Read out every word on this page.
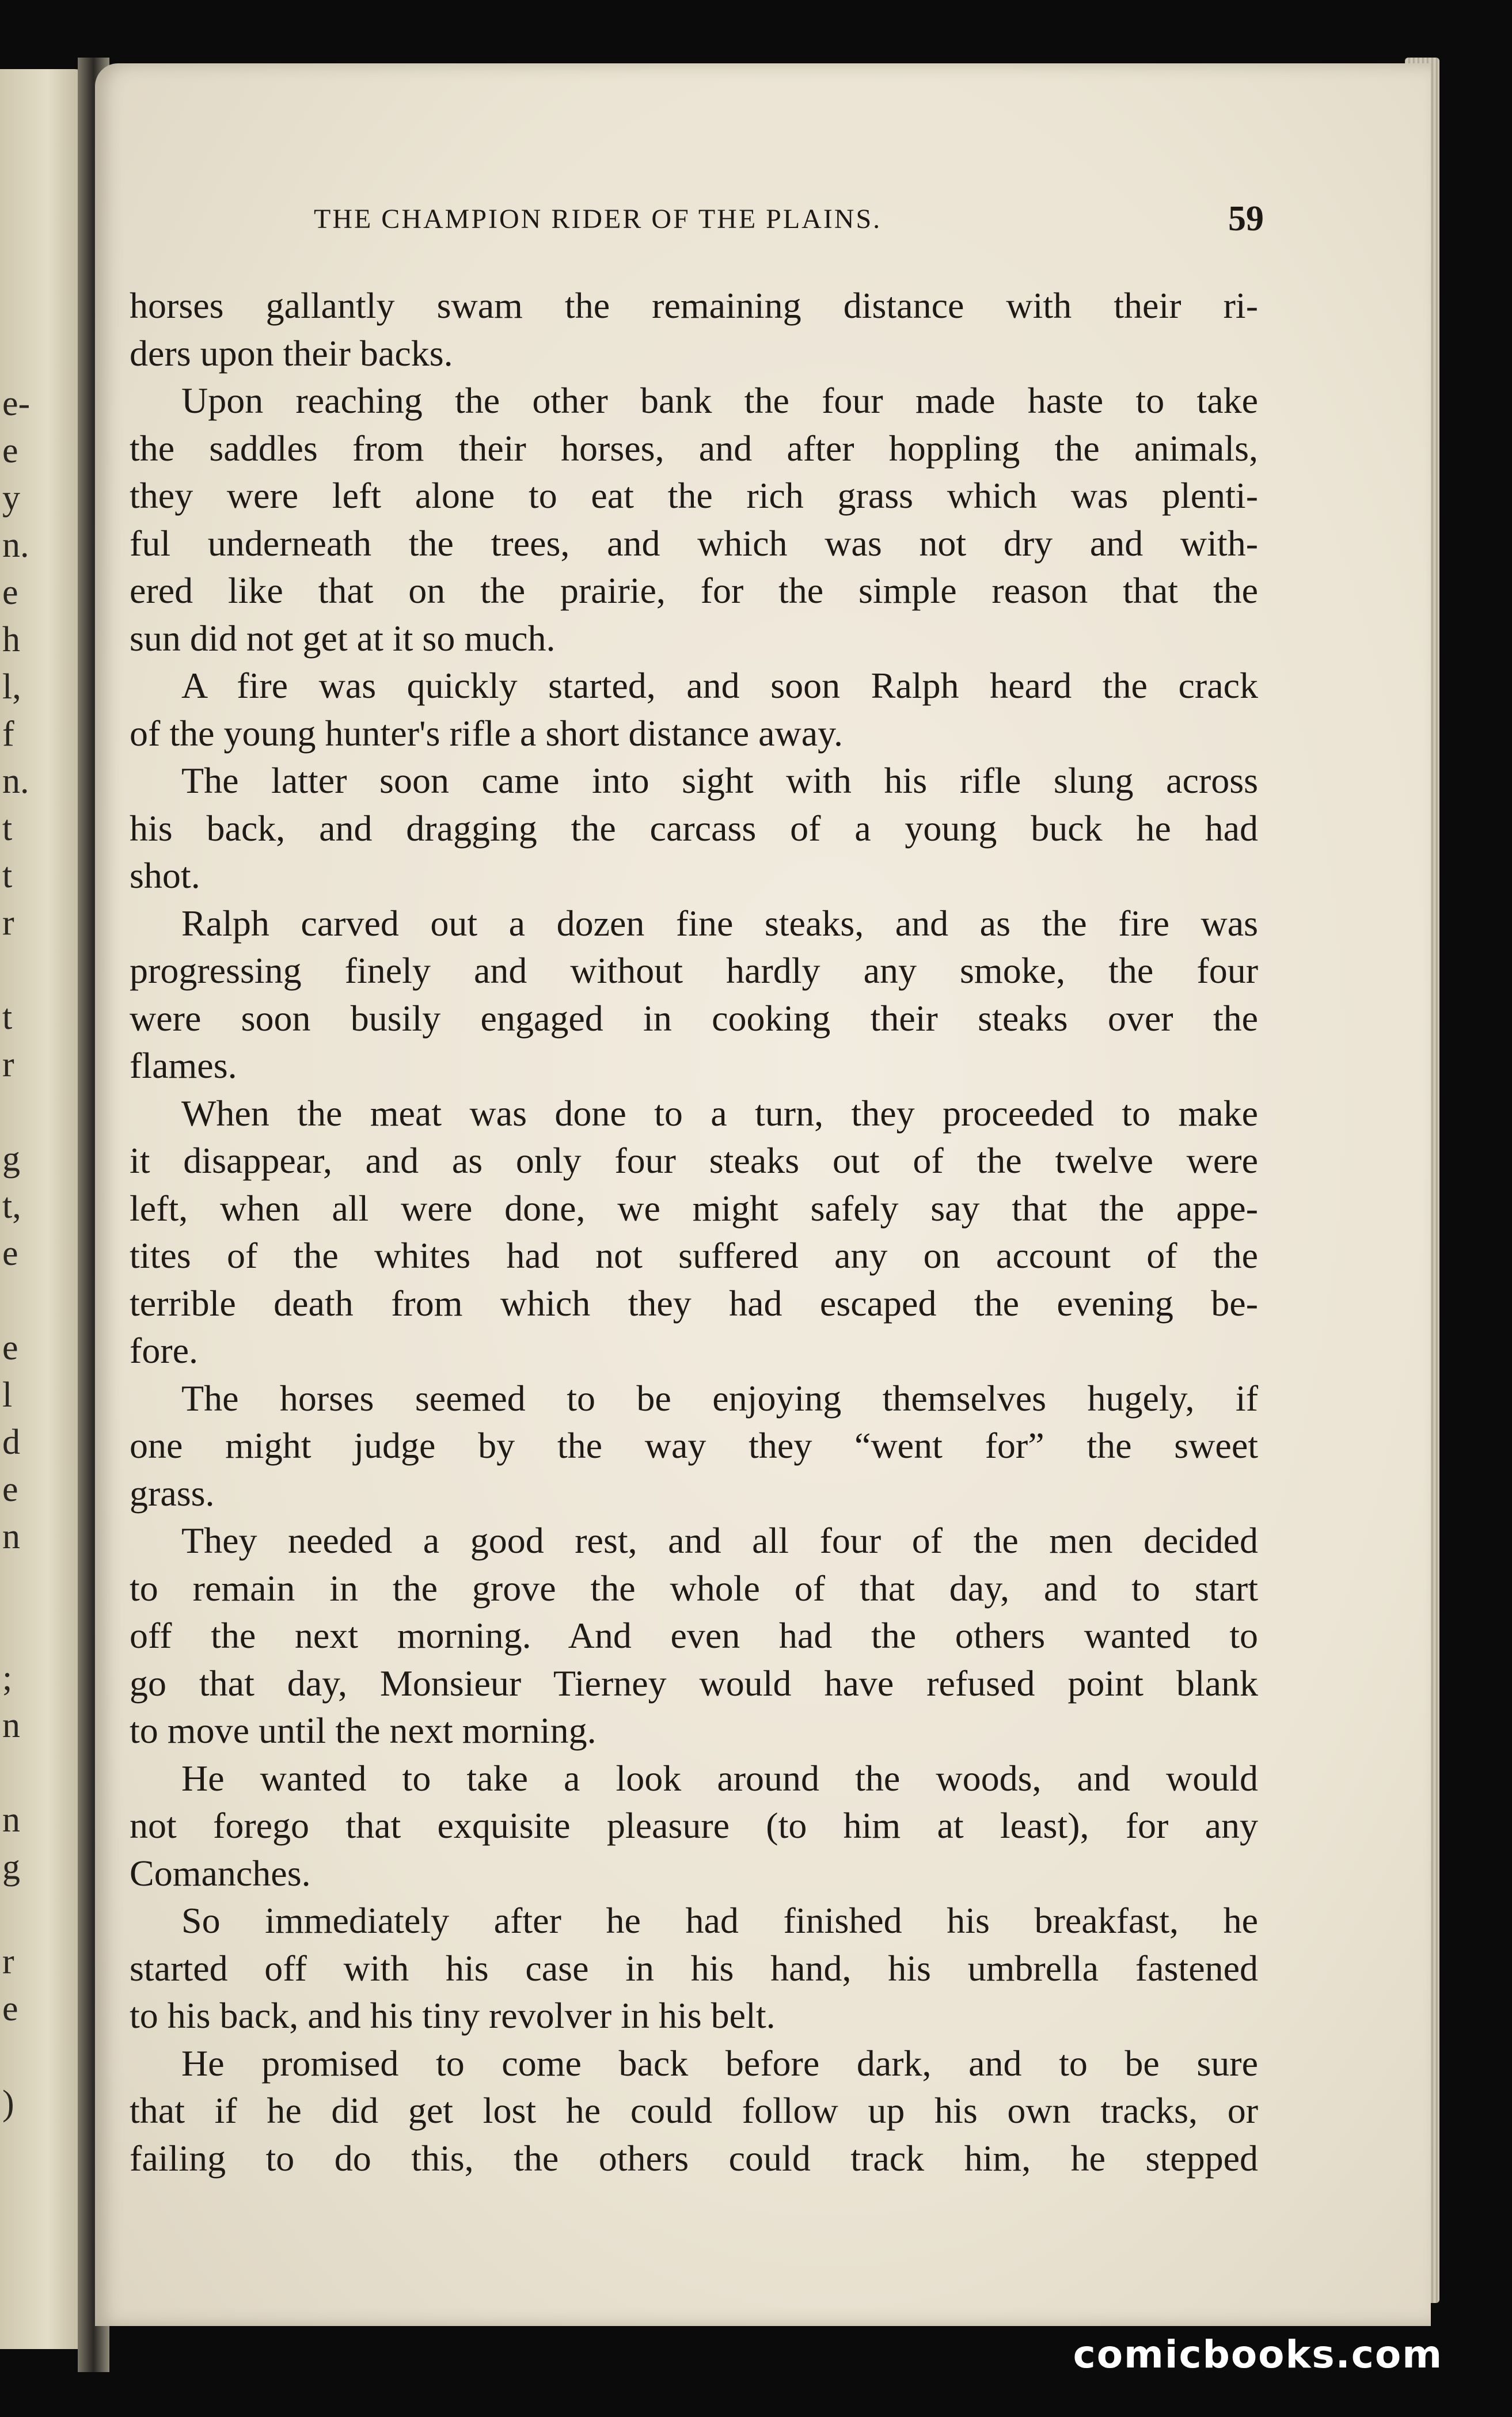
e-
e
y
n.
e
h
l,
f
n.
t
t
r
t
r
g
t,
e
e
l
d
e
n
;
n
n
g
r
e
)
THE CHAMPION RIDER OF THE PLAINS.	59
horses gallantly swam the remaining distance with their ri-
ders upon their backs.
Upon reaching the other bank the four made haste to take
the saddles from their horses, and after hoppling the animals,
they were left alone to eat the rich grass which was plenti-
ful underneath the trees, and which was not dry and with-
ered like that on the prairie, for the simple reason that the
sun did not get at it so much.
A fire was quickly started, and soon Ralph heard the crack
of the young hunter's rifle a short distance away.
The latter soon came into sight with his rifle slung across
his back, and dragging the carcass of a young buck he had
shot.
Ralph carved out a dozen fine steaks, and as the fire was
progressing finely and without hardly any smoke, the four
were soon busily engaged in cooking their steaks over the
flames.
When the meat was done to a turn, they proceeded to make
it disappear, and as only four steaks out of the twelve were
left, when all were done, we might safely say that the appe-
tites of the whites had not suffered any on account of the
terrible death from which they had escaped the evening be-
fore.
The horses seemed to be enjoying themselves hugely, if
one might judge by the way they “went for” the sweet
grass.
They needed a good rest, and all four of the men decided
to remain in the grove the whole of that day, and to start
off the next morning. And even had the others wanted to
go that day, Monsieur Tierney would have refused point blank
to move until the next morning.
He wanted to take a look around the woods, and would
not forego that exquisite pleasure (to him at least), for any
Comanches.
So immediately after he had finished his breakfast, he
started off with his case in his hand, his umbrella fastened
to his back, and his tiny revolver in his belt.
He promised to come back before dark, and to be sure
that if he did get lost he could follow up his own tracks, or
failing to do this, the others could track him, he stepped
comicbooks.com
